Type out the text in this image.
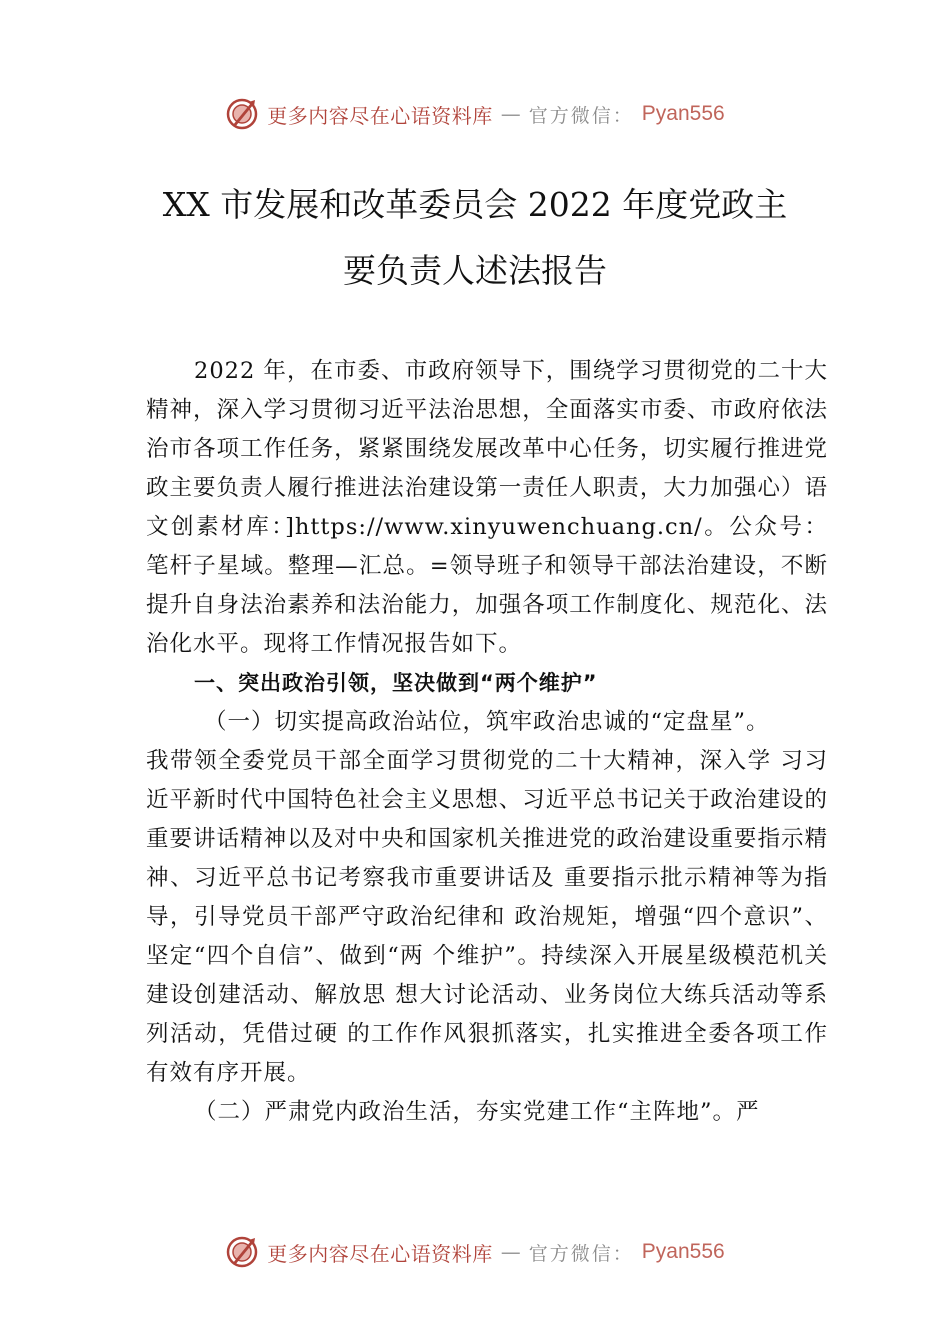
更多内容尽在心语资料库 — 官方微信： Pyan556
XX 市发展和改革委员会 2022 年度党政主
要负责人述法报告

2022 年，在市委、市政府领导下，围绕学习贯彻党的二十大精神，深入学习贯彻习近平法治思想，全面落实市委、市政府依法治市各项工作任务，紧紧围绕发展改革中心任务，切实履行推进党政主要负责人履行推进法治建设第一责任人职责，大力加强心）语文创素材库：]https://www.xinyuwenchuang.cn/。公众号：笔杆子星域。整理—汇总。=领导班子和领导干部法治建设，不断提升自身法治素养和法治能力，加强各项工作制度化、规范化、法治化水平。现将工作情况报告如下。

一、突出政治引领，坚决做到“两个维护”

（一）切实提高政治站位，筑牢政治忠诚的“定盘星”。

我带领全委党员干部全面学习贯彻党的二十大精神，深入学 习习近平新时代中国特色社会主义思想、习近平总书记关于政治建设的重要讲话精神以及对中央和国家机关推进党的政治建设重要指示精神、习近平总书记考察我市重要讲话及 重要指示批示精神等为指导，引导党员干部严守政治纪律和 政治规矩，增强“四个意识”、坚定“四个自信”、做到“两 个维护”。持续深入开展星级模范机关建设创建活动、解放思 想大讨论活动、业务岗位大练兵活动等系列活动，凭借过硬 的工作作风狠抓落实，扎实推进全委各项工作有效有序开展。

（二）严肃党内政治生活，夯实党建工作“主阵地”。严

更多内容尽在心语资料库 — 官方微信： Pyan556
